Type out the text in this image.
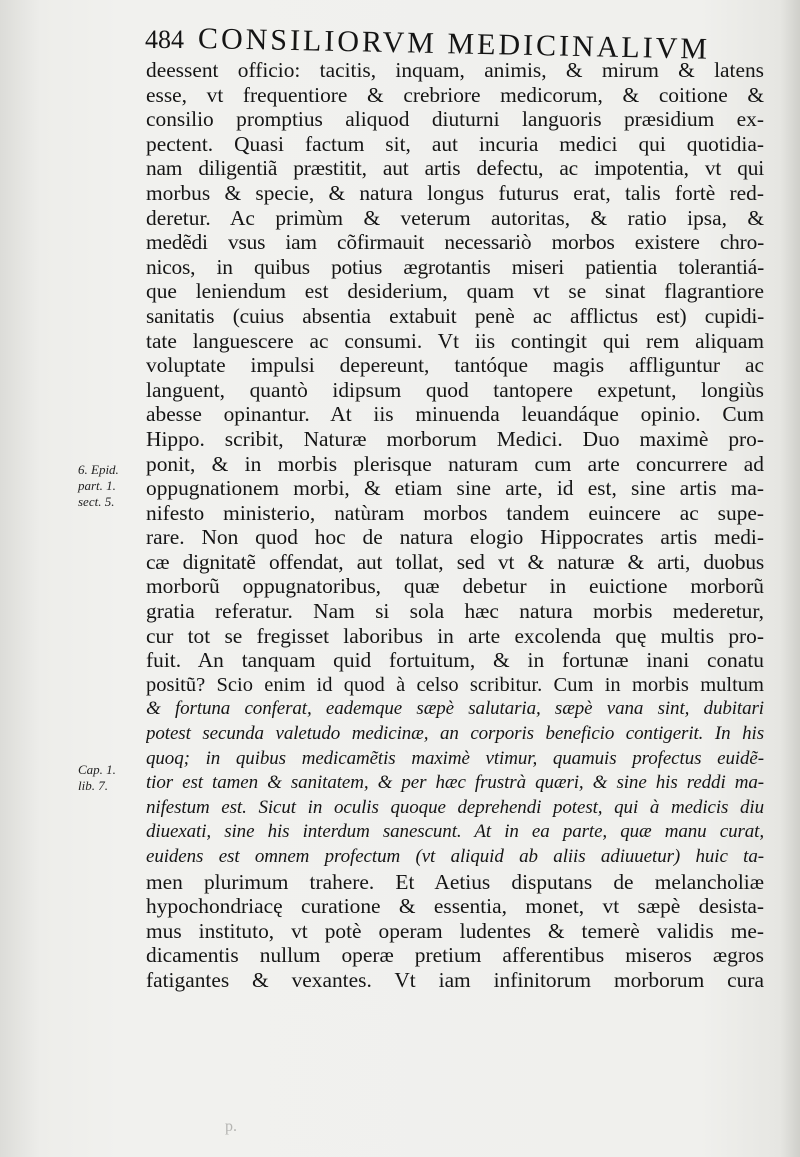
484 CONSILIORVM MEDICINALIVM
6. Epid.
part. 1.
sect. 5.
Cap. 1.
lib. 7.
deessent officio: tacitis, inquam, animis, & mirum & latens
esse, vt frequentiore & crebriore medicorum, & coitione &
consilio promptius aliquod diuturni languoris præsidium ex-
pectent. Quasi factum sit, aut incuria medici qui quotidia-
nam diligentiã præstitit, aut artis defectu, ac impotentia, vt qui
morbus & specie, & natura longus futurus erat, talis fortè red-
deretur. Ac primùm & veterum autoritas, & ratio ipsa, &
medẽdi vsus iam cõfirmauit necessariò morbos existere chro-
nicos, in quibus potius ægrotantis miseri patientia tolerantiá-
que leniendum est desiderium, quam vt se sinat flagrantiore
sanitatis (cuius absentia extabuit penè ac afflictus est) cupidi-
tate languescere ac consumi. Vt iis contingit qui rem aliquam
voluptate impulsi depereunt, tantóque magis affliguntur ac
languent, quantò idipsum quod tantopere expetunt, longiùs
abesse opinantur. At iis minuenda leuandáque opinio. Cum
Hippo. scribit, Naturæ morborum Medici. Duo maximè pro-
ponit, & in morbis plerisque naturam cum arte concurrere ad
oppugnationem morbi, & etiam sine arte, id est, sine artis ma-
nifesto ministerio, natùram morbos tandem euincere ac supe-
rare. Non quod hoc de natura elogio Hippocrates artis medi-
cæ dignitatẽ offendat, aut tollat, sed vt & naturæ & arti, duobus
morborũ oppugnatoribus, quæ debetur in euictione morborũ
gratia referatur. Nam si sola hæc natura morbis mederetur,
cur tot se fregisset laboribus in arte excolenda quę multis pro-
fuit. An tanquam quid fortuitum, & in fortunæ inani conatu
positũ? Scio enim id quod à celso scribitur. Cum in morbis multum
& fortuna conferat, eademque sæpè salutaria, sæpè vana sint, dubitari
potest secunda valetudo medicinæ, an corporis beneficio contigerit. In his
quoq; in quibus medicamẽtis maximè vtimur, quamuis profectus euidẽ-
tior est tamen & sanitatem, & per hæc frustrà quæri, & sine his reddi ma-
nifestum est. Sicut in oculis quoque deprehendi potest, qui à medicis diu
diuexati, sine his interdum sanescunt. At in ea parte, quæ manu curat,
euidens est omnem profectum (vt aliquid ab aliis adiuuetur) huic ta-
men plurimum trahere. Et Aetius disputans de melancholiæ
hypochondriacę curatione & essentia, monet, vt sæpè desista-
mus instituto, vt potè operam ludentes & temerè validis me-
dicamentis nullum operæ pretium afferentibus miseros ægros
fatigantes & vexantes. Vt iam infinitorum morborum cura
p.
